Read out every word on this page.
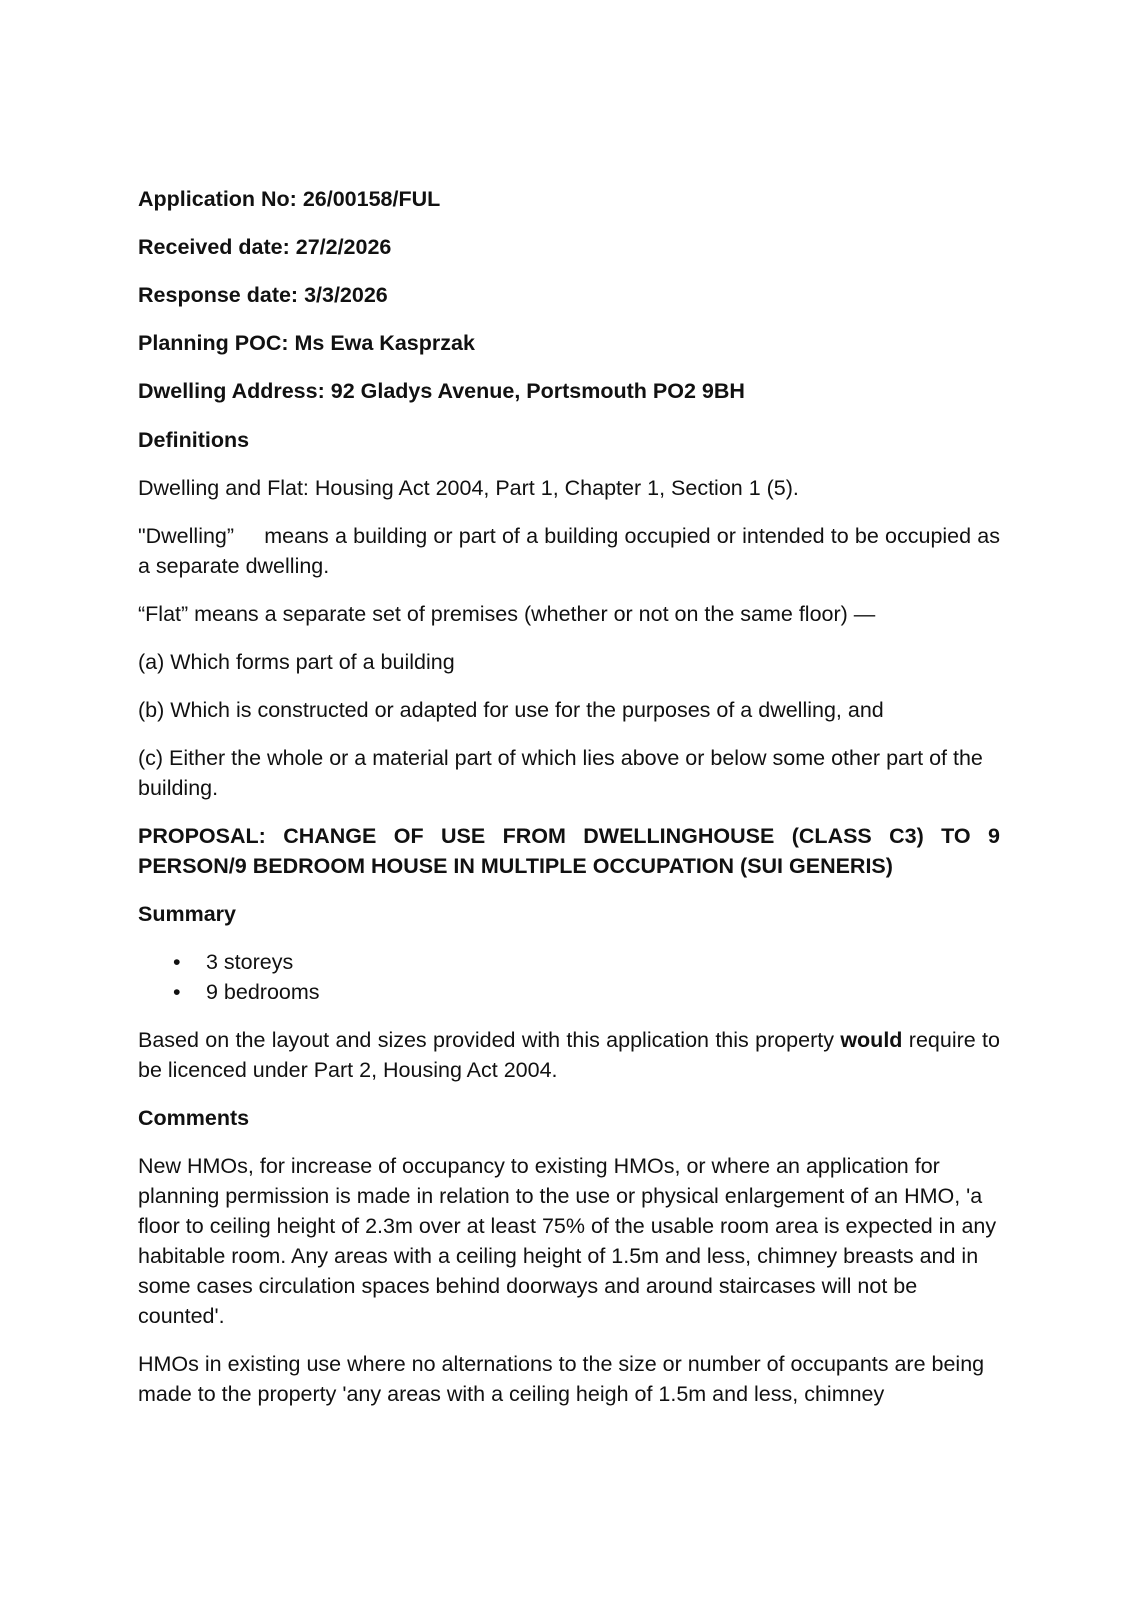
Application No: 26/00158/FUL
Received date: 27/2/2026
Response date: 3/3/2026
Planning POC: Ms Ewa Kasprzak
Dwelling Address: 92 Gladys Avenue, Portsmouth PO2 9BH
Definitions

Dwelling and Flat: Housing Act 2004, Part 1, Chapter 1, Section 1 (5).

"Dwelling” means a building or part of a building occupied or intended to be occupied as a separate dwelling.

“Flat” means a separate set of premises (whether or not on the same floor) —

(a) Which forms part of a building

(b) Which is constructed or adapted for use for the purposes of a dwelling, and

(c) Either the whole or a material part of which lies above or below some other part of the building.

PROPOSAL: CHANGE OF USE FROM DWELLINGHOUSE (CLASS C3) TO 9 PERSON/9 BEDROOM HOUSE IN MULTIPLE OCCUPATION (SUI GENERIS)
Summary
• 3 storeys
• 9 bedrooms

Based on the layout and sizes provided with this application this property would require to be licenced under Part 2, Housing Act 2004.

Comments

New HMOs, for increase of occupancy to existing HMOs, or where an application for planning permission is made in relation to the use or physical enlargement of an HMO, 'a floor to ceiling height of 2.3m over at least 75% of the usable room area is expected in any habitable room. Any areas with a ceiling height of 1.5m and less, chimney breasts and in some cases circulation spaces behind doorways and around staircases will not be counted'.

HMOs in existing use where no alternations to the size or number of occupants are being made to the property 'any areas with a ceiling heigh of 1.5m and less, chimney
